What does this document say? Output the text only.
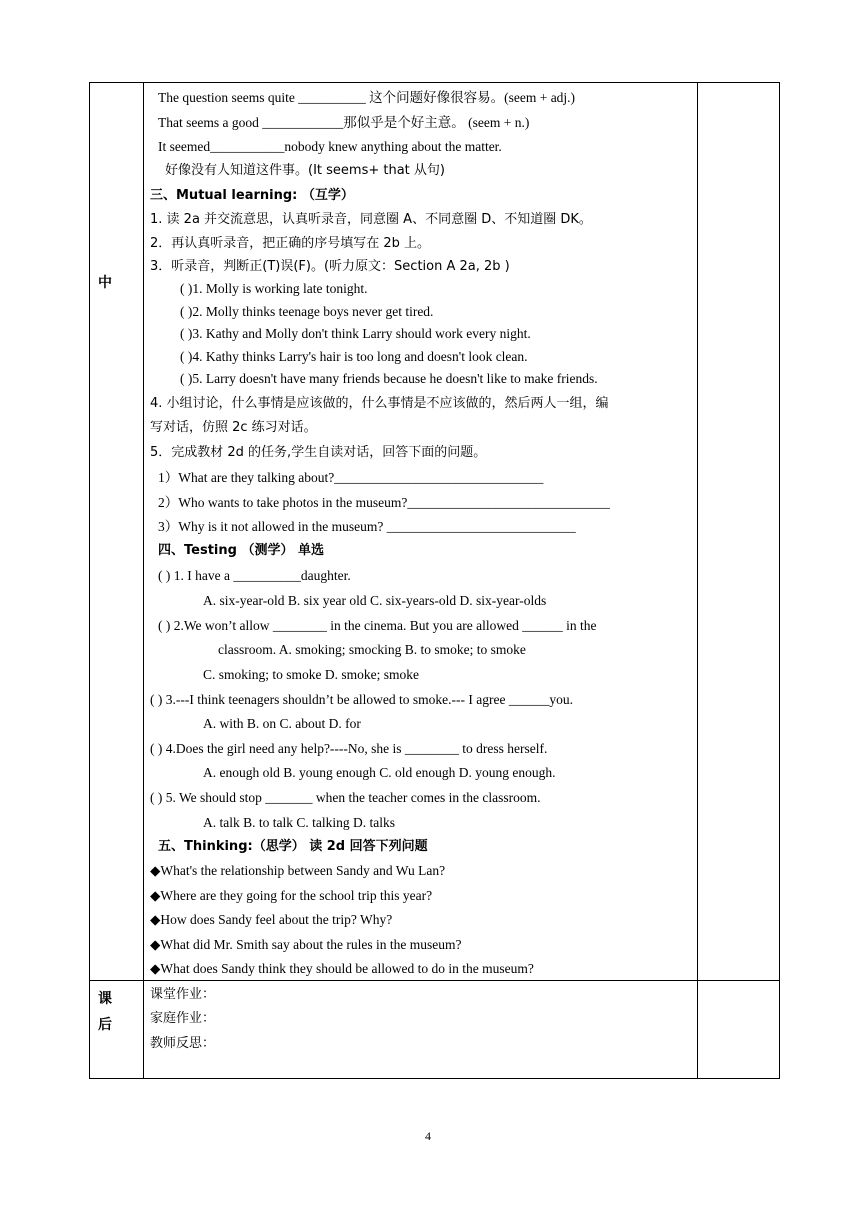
中
课
后
The question seems quite __________ 这个问题好像很容易。(seem + adj.)
That seems a good ____________那似乎是个好主意。 (seem + n.)
It seemed___________nobody knew anything about the matter.
好像没有人知道这件事。(It seems+ that 从句)
三、Mutual learning: （互学）
1. 读 2a 并交流意思，认真听录音，同意圈 A、不同意圈 D、不知道圈 DK。
2．再认真听录音，把正确的序号填写在 2b 上。
3．听录音，判断正(T)误(F)。(听力原文：Section A 2a, 2b )
( )1. Molly is working late tonight.
( )2. Molly thinks teenage boys never get tired.
( )3. Kathy and Molly don't think Larry should work every night.
( )4. Kathy thinks Larry's hair is too long and doesn't look clean.
( )5. Larry doesn't have many friends because he doesn't like to make friends.
4. 小组讨论，什么事情是应该做的，什么事情是不应该做的，然后两人一组，编
写对话，仿照 2c 练习对话。
5．完成教材 2d 的任务,学生自读对话，回答下面的问题。
1）What are they talking about?_______________________________
2）Who wants to take photos in the museum?______________________________
3）Why is it not allowed in the museum? ____________________________
四、Testing （测学） 单选
( ) 1. I have a __________daughter.
A. six-year-old B. six year old C. six-years-old D. six-year-olds
( ) 2.We won’t allow ________ in the cinema. But you are allowed ______ in the
classroom. A. smoking; smocking B. to smoke; to smoke
C. smoking; to smoke D. smoke; smoke
( ) 3.---I think teenagers shouldn’t be allowed to smoke.--- I agree ______you.
A. with B. on C. about D. for
( ) 4.Does the girl need any help?----No, she is ________ to dress herself.
A. enough old B. young enough C. old enough D. young enough.
( ) 5. We should stop _______ when the teacher comes in the classroom.
A. talk B. to talk C. talking D. talks
五、Thinking:（思学） 读 2d 回答下列问题
◆What's the relationship between Sandy and Wu Lan?
◆Where are they going for the school trip this year?
◆How does Sandy feel about the trip? Why?
◆What did Mr. Smith say about the rules in the museum?
◆What does Sandy think they should be allowed to do in the museum?
课堂作业：
家庭作业：
教师反思：
4
